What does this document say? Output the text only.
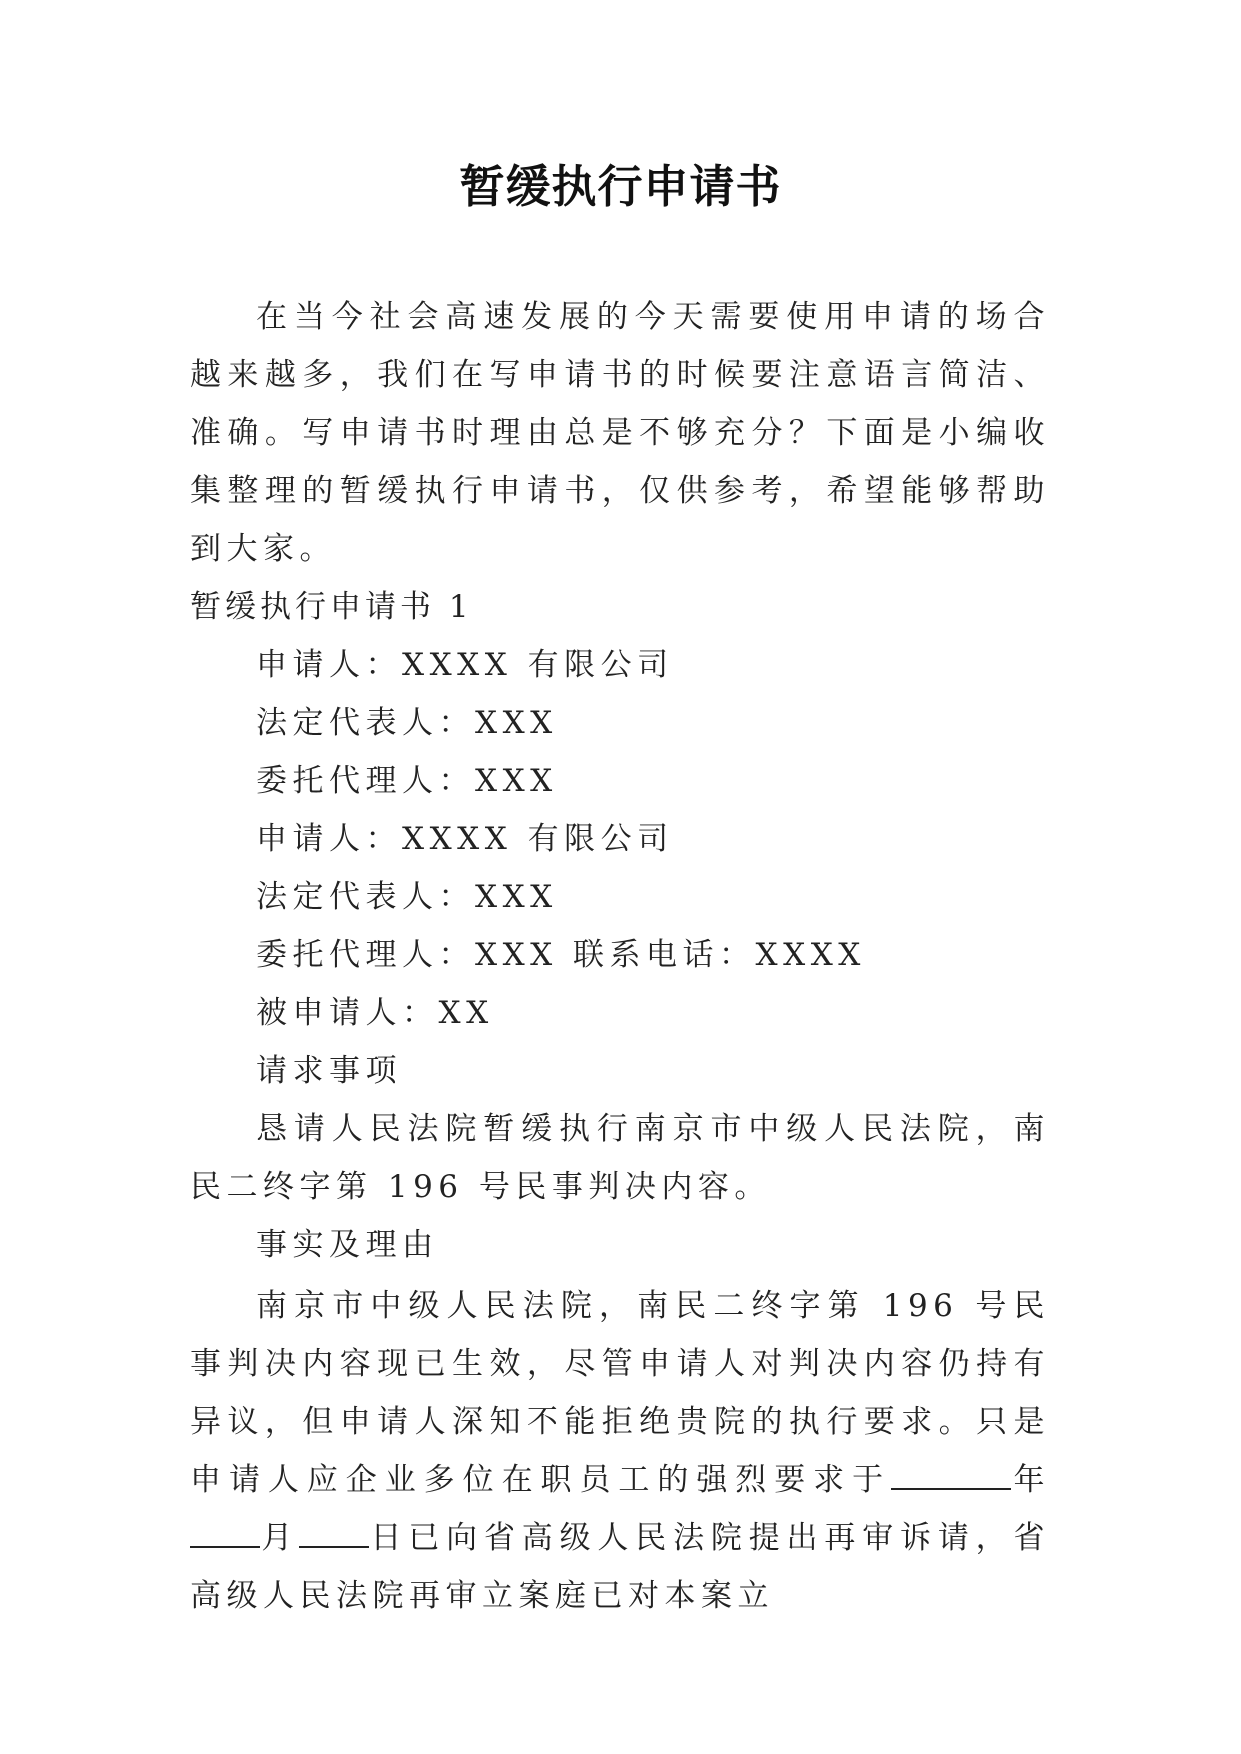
暂缓执行申请书
在当今社会高速发展的今天需要使用申请的场合越来越多，我们在写申请书的时候要注意语言简洁、准确。写申请书时理由总是不够充分？下面是小编收集整理的暂缓执行申请书，仅供参考，希望能够帮助到大家。
暂缓执行申请书 1
申请人：XXXX 有限公司
法定代表人：XXX
委托代理人：XXX
申请人：XXXX 有限公司
法定代表人：XXX
委托代理人：XXX 联系电话：XXXX
被申请人：XX
请求事项
恳请人民法院暂缓执行南京市中级人民法院，南民二终字第 196 号民事判决内容。
事实及理由
南京市中级人民法院，南民二终字第 196 号民事判决内容现已生效，尽管申请人对判决内容仍持有异议，但申请人深知不能拒绝贵院的执行要求。只是申请人应企业多位在职员工的强烈要求于	年月 日已向省高级人民法院提出再审诉请，省高级人民法院再审立案庭已对本案立
